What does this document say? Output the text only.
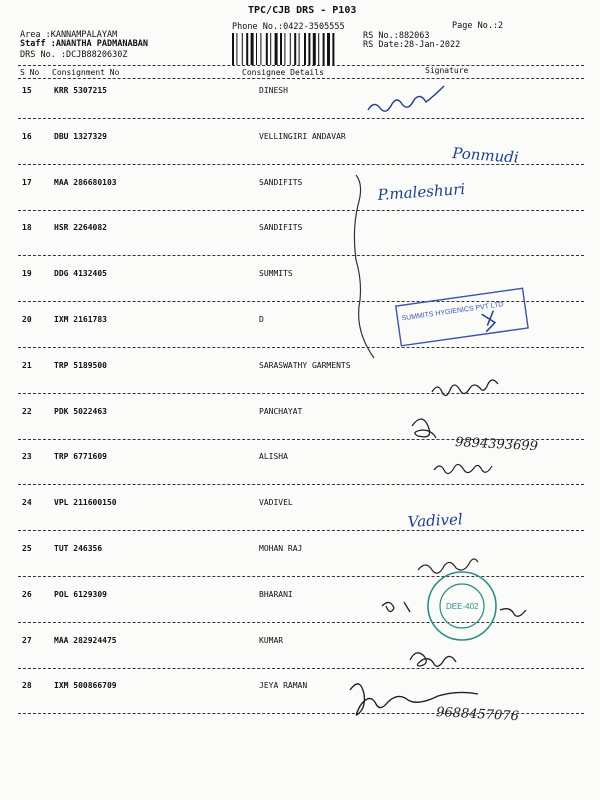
TPC/CJB DRS - P103
Phone No.:0422-3505555	Page No.:2
Area :KANNAMPALAYAM
Staff :ANANTHA PADMANABAN
DRS No. :DCJB8820630Z
RS No.:882063
RS Date:28-Jan-2022
S No Consignment No	Consignee Details	Signature
15	KRR 5307215	DINESH
16	DBU 1327329	VELLINGIRI ANDAVAR
17	MAA 286680103	SANDIFITS
18	HSR 2264082	SANDIFITS
19	DDG 4132405	SUMMITS
20	IXM 2161783	D
21	TRP 5189500	SARASWATHY GARMENTS
22	PDK 5022463	PANCHAYAT
23	TRP 6771609	ALISHA
24	VPL 211600150	VADIVEL
25	TUT 246356	MOHAN RAJ
26	POL 6129309	BHARANI
27	MAA 282924475	KUMAR
28	IXM 500866709	JEYA RAMAN
Ponmudi
P.maleshuri
SUMMITS HYGIENICS PVT LTD
9894393699
Vadivel
DEE-402
9688457076
